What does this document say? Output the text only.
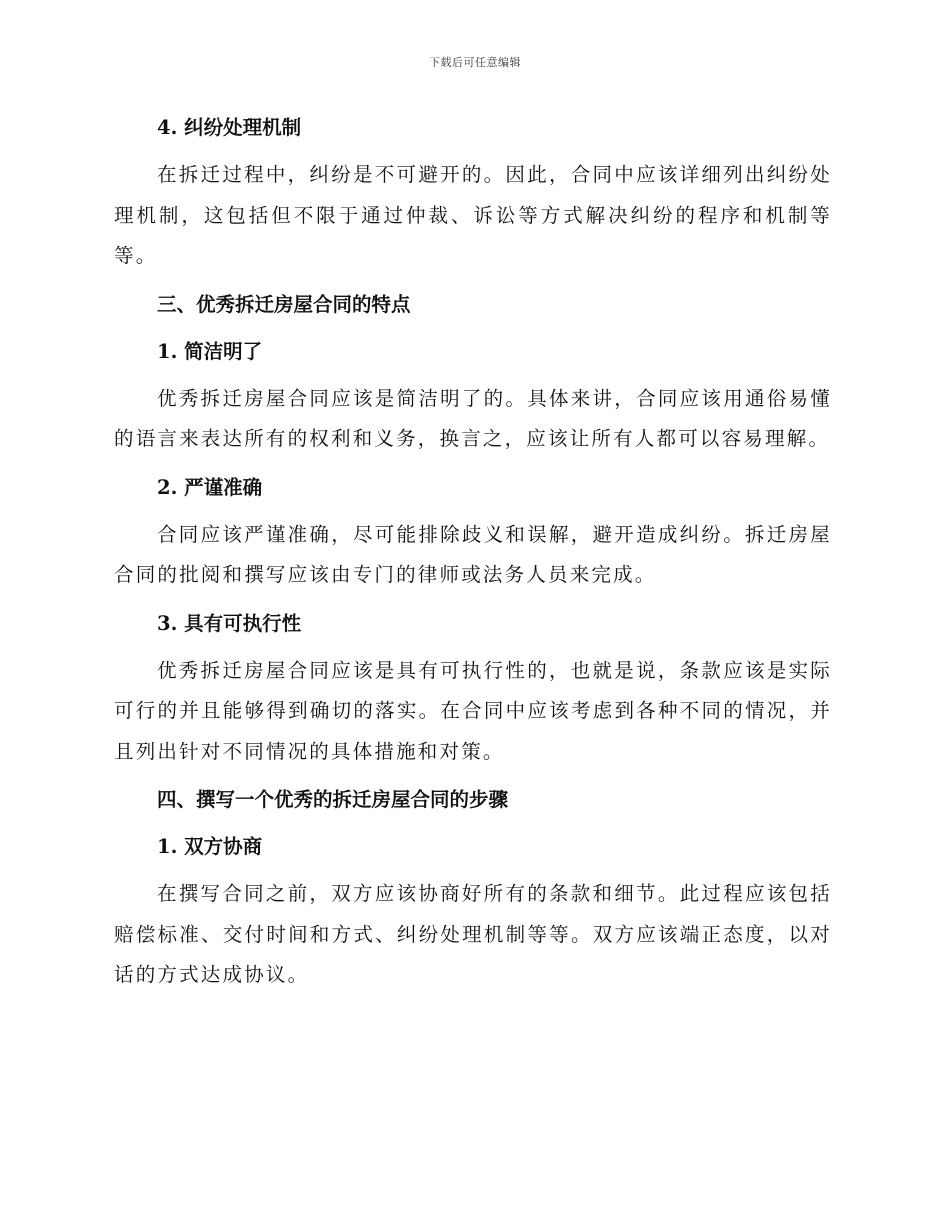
下载后可任意编辑
4. 纠纷处理机制

在拆迁过程中，纠纷是不可避开的。因此，合同中应该详细列出纠纷处理机制，这包括但不限于通过仲裁、诉讼等方式解决纠纷的程序和机制等等。

三、优秀拆迁房屋合同的特点
1. 简洁明了

优秀拆迁房屋合同应该是简洁明了的。具体来讲，合同应该用通俗易懂的语言来表达所有的权利和义务，换言之，应该让所有人都可以容易理解。

2. 严谨准确

合同应该严谨准确，尽可能排除歧义和误解，避开造成纠纷。拆迁房屋合同的批阅和撰写应该由专门的律师或法务人员来完成。

3. 具有可执行性

优秀拆迁房屋合同应该是具有可执行性的，也就是说，条款应该是实际可行的并且能够得到确切的落实。在合同中应该考虑到各种不同的情况，并且列出针对不同情况的具体措施和对策。

四、撰写一个优秀的拆迁房屋合同的步骤
1. 双方协商

在撰写合同之前，双方应该协商好所有的条款和细节。此过程应该包括赔偿标准、交付时间和方式、纠纷处理机制等等。双方应该端正态度，以对话的方式达成协议。
